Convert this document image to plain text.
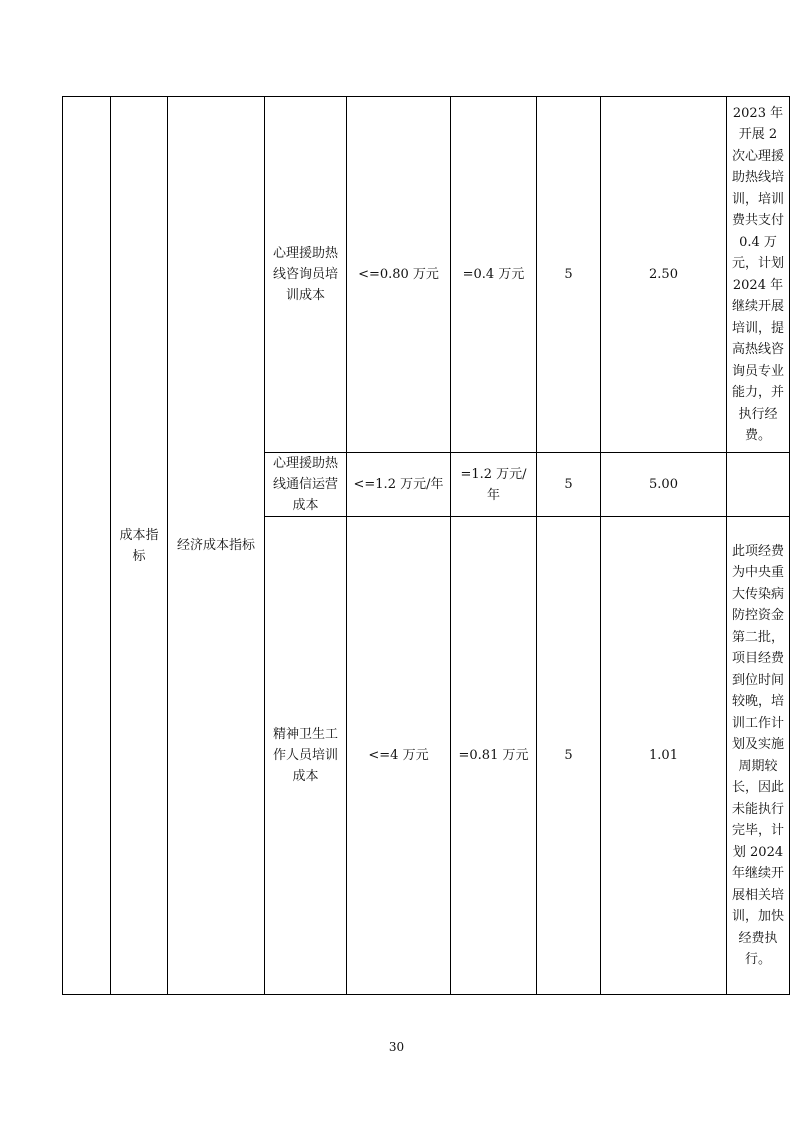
	成本指标	经济成本指标	心理援助热线咨询员培训成本	<=0.80 万元	=0.4 万元	5	2.50	2023 年开展 2 次心理援助热线培训，培训费共支付 0.4 万元，计划 2024 年继续开展培训，提高热线咨询员专业能力，并执行经费。
			心理援助热线通信运营成本	<=1.2 万元/年	=1.2 万元/年	5	5.00	
			精神卫生工作人员培训成本	<=4 万元	=0.81 万元	5	1.01	此项经费为中央重大传染病防控资金第二批，项目经费到位时间较晚，培训工作计划及实施周期较长，因此未能执行完毕，计划 2024 年继续开展相关培训，加快经费执行。
30
